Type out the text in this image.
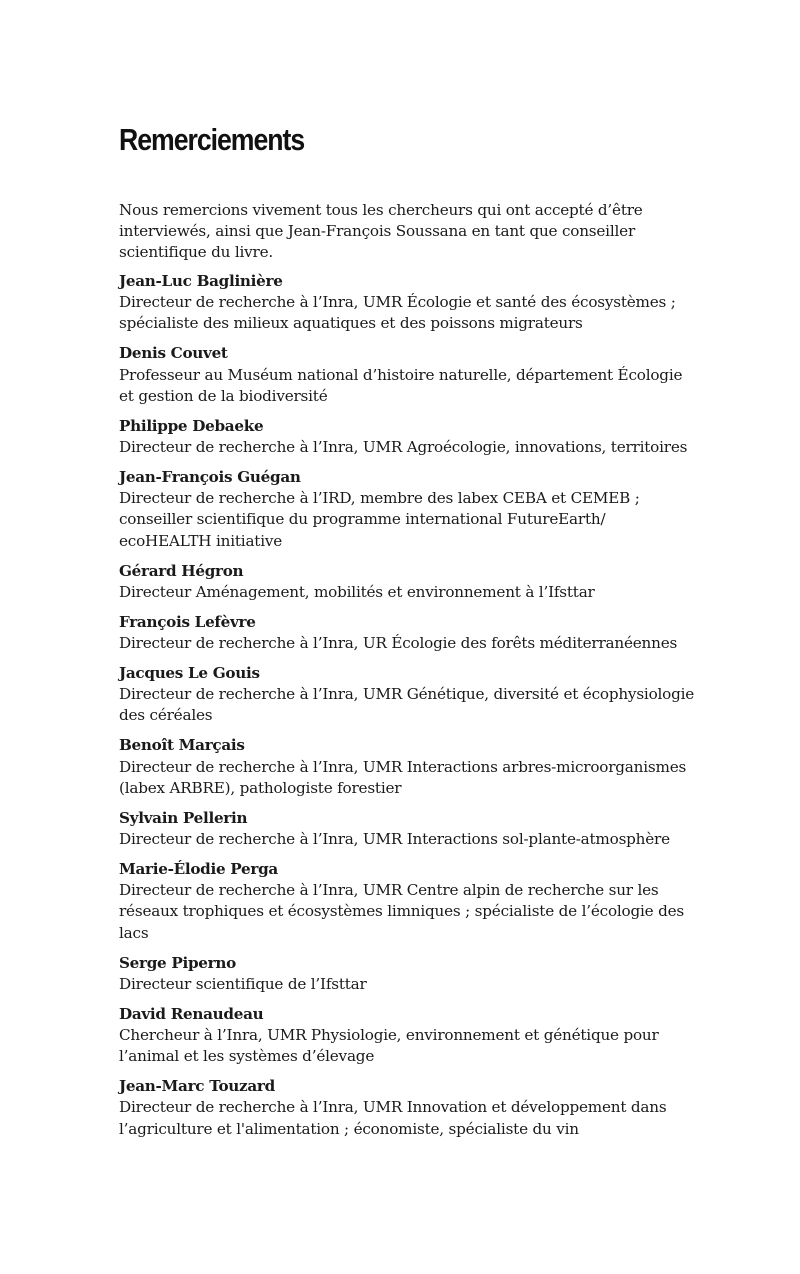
Remerciements

Nous remercions vivement tous les chercheurs qui ont accepté d’être interviewés, ainsi que Jean-François Soussana en tant que conseiller scientifique du livre.

Jean-Luc Baglinière
Directeur de recherche à l’Inra, UMR Écologie et santé des écosystèmes ; spécialiste des milieux aquatiques et des poissons migrateurs
Denis Couvet
Professeur au Muséum national d’histoire naturelle, département Écologie et gestion de la biodiversité
Philippe Debaeke
Directeur de recherche à l’Inra, UMR Agroécologie, innovations, territoires
Jean-François Guégan
Directeur de recherche à l’IRD, membre des labex CEBA et CEMEB ; conseiller scientifique du programme international FutureEarth/ ecoHEALTH initiative
Gérard Hégron
Directeur Aménagement, mobilités et environnement à l’Ifsttar
François Lefèvre
Directeur de recherche à l’Inra, UR Écologie des forêts méditerranéennes
Jacques Le Gouis
Directeur de recherche à l’Inra, UMR Génétique, diversité et écophysiologie des céréales
Benoît Marçais
Directeur de recherche à l’Inra, UMR Interactions arbres-microorganismes (labex ARBRE), pathologiste forestier
Sylvain Pellerin
Directeur de recherche à l’Inra, UMR Interactions sol-plante-atmosphère
Marie-Élodie Perga
Directeur de recherche à l’Inra, UMR Centre alpin de recherche sur les réseaux trophiques et écosystèmes limniques ; spécialiste de l’écologie des lacs
Serge Piperno
Directeur scientifique de l’Ifsttar
David Renaudeau
Chercheur à l’Inra, UMR Physiologie, environnement et génétique pour l’animal et les systèmes d’élevage
Jean-Marc Touzard
Directeur de recherche à l’Inra, UMR Innovation et développement dans l’agriculture et l'alimentation ; économiste, spécialiste du vin
